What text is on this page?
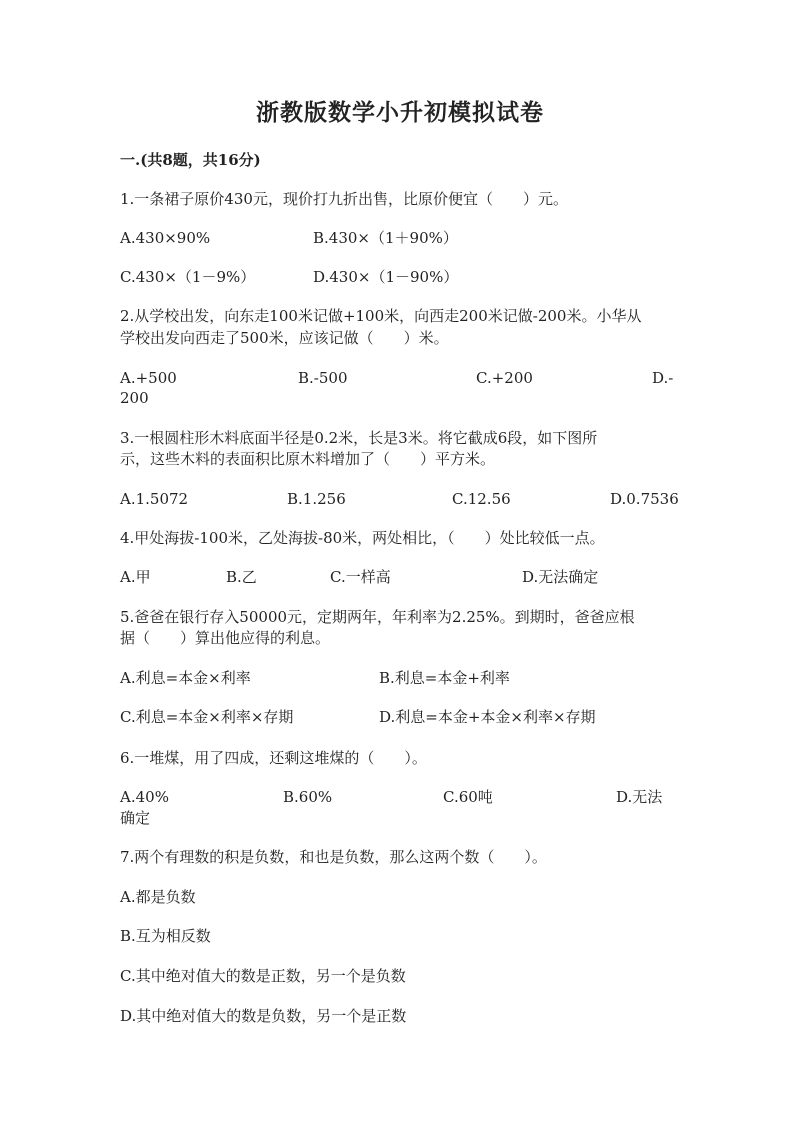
浙教版数学小升初模拟试卷
一.(共8题，共16分)
1.一条裙子原价430元，现价打九折出售，比原价便宜（　　）元。
A.430×90%	B.430×（1＋90%）
C.430×（1－9%）	D.430×（1－90%）
2.从学校出发，向东走100米记做+100米，向西走200米记做-200米。小华从
学校出发向西走了500米，应该记做（　　）米。
A.+500	B.-500	C.+200	D.-
200
3.一根圆柱形木料底面半径是0.2米，长是3米。将它截成6段，如下图所
示，这些木料的表面积比原木料增加了（　　）平方米。
A.1.5072	B.1.256	C.12.56	D.0.7536
4.甲处海拔-100米，乙处海拔-80米，两处相比，（　　）处比较低一点。
A.甲	B.乙	C.一样高	D.无法确定
5.爸爸在银行存入50000元，定期两年，年利率为2.25%。到期时，爸爸应根
据（　　）算出他应得的利息。
A.利息=本金×利率	B.利息=本金+利率
C.利息=本金×利率×存期	D.利息=本金+本金×利率×存期
6.一堆煤，用了四成，还剩这堆煤的（　　）。
A.40%	B.60%	C.60吨	D.无法
确定
7.两个有理数的积是负数，和也是负数，那么这两个数（　　）。
A.都是负数
B.互为相反数
C.其中绝对值大的数是正数，另一个是负数
D.其中绝对值大的数是负数，另一个是正数
